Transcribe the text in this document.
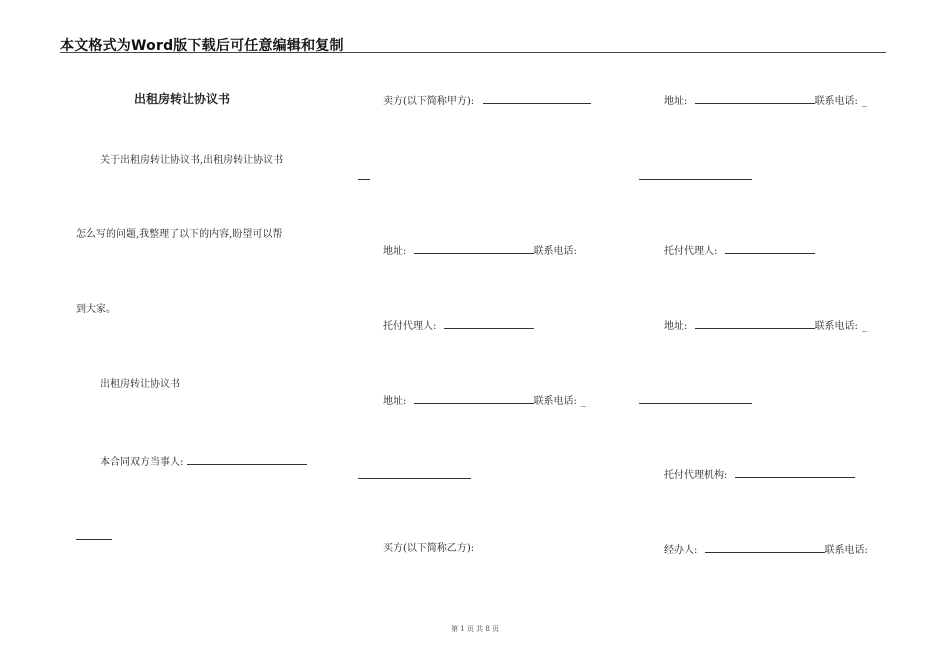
本文格式为Word版下载后可任意编辑和复制
出租房转让协议书
关于出租房转让协议书,出租房转让协议书
怎么写的问题,我整理了以下的内容,盼望可以帮
到大家。
出租房转让协议书
本合同双方当事人:
卖方(以下简称甲方):
地址:	联系电话:
托付代理人:
地址:	联系电话: _
买方(以下简称乙方):
地址:	联系电话: _
托付代理人:
地址:	联系电话: _
托付代理机构:
经办人:	联系电话:
第 1 页 共 8 页
